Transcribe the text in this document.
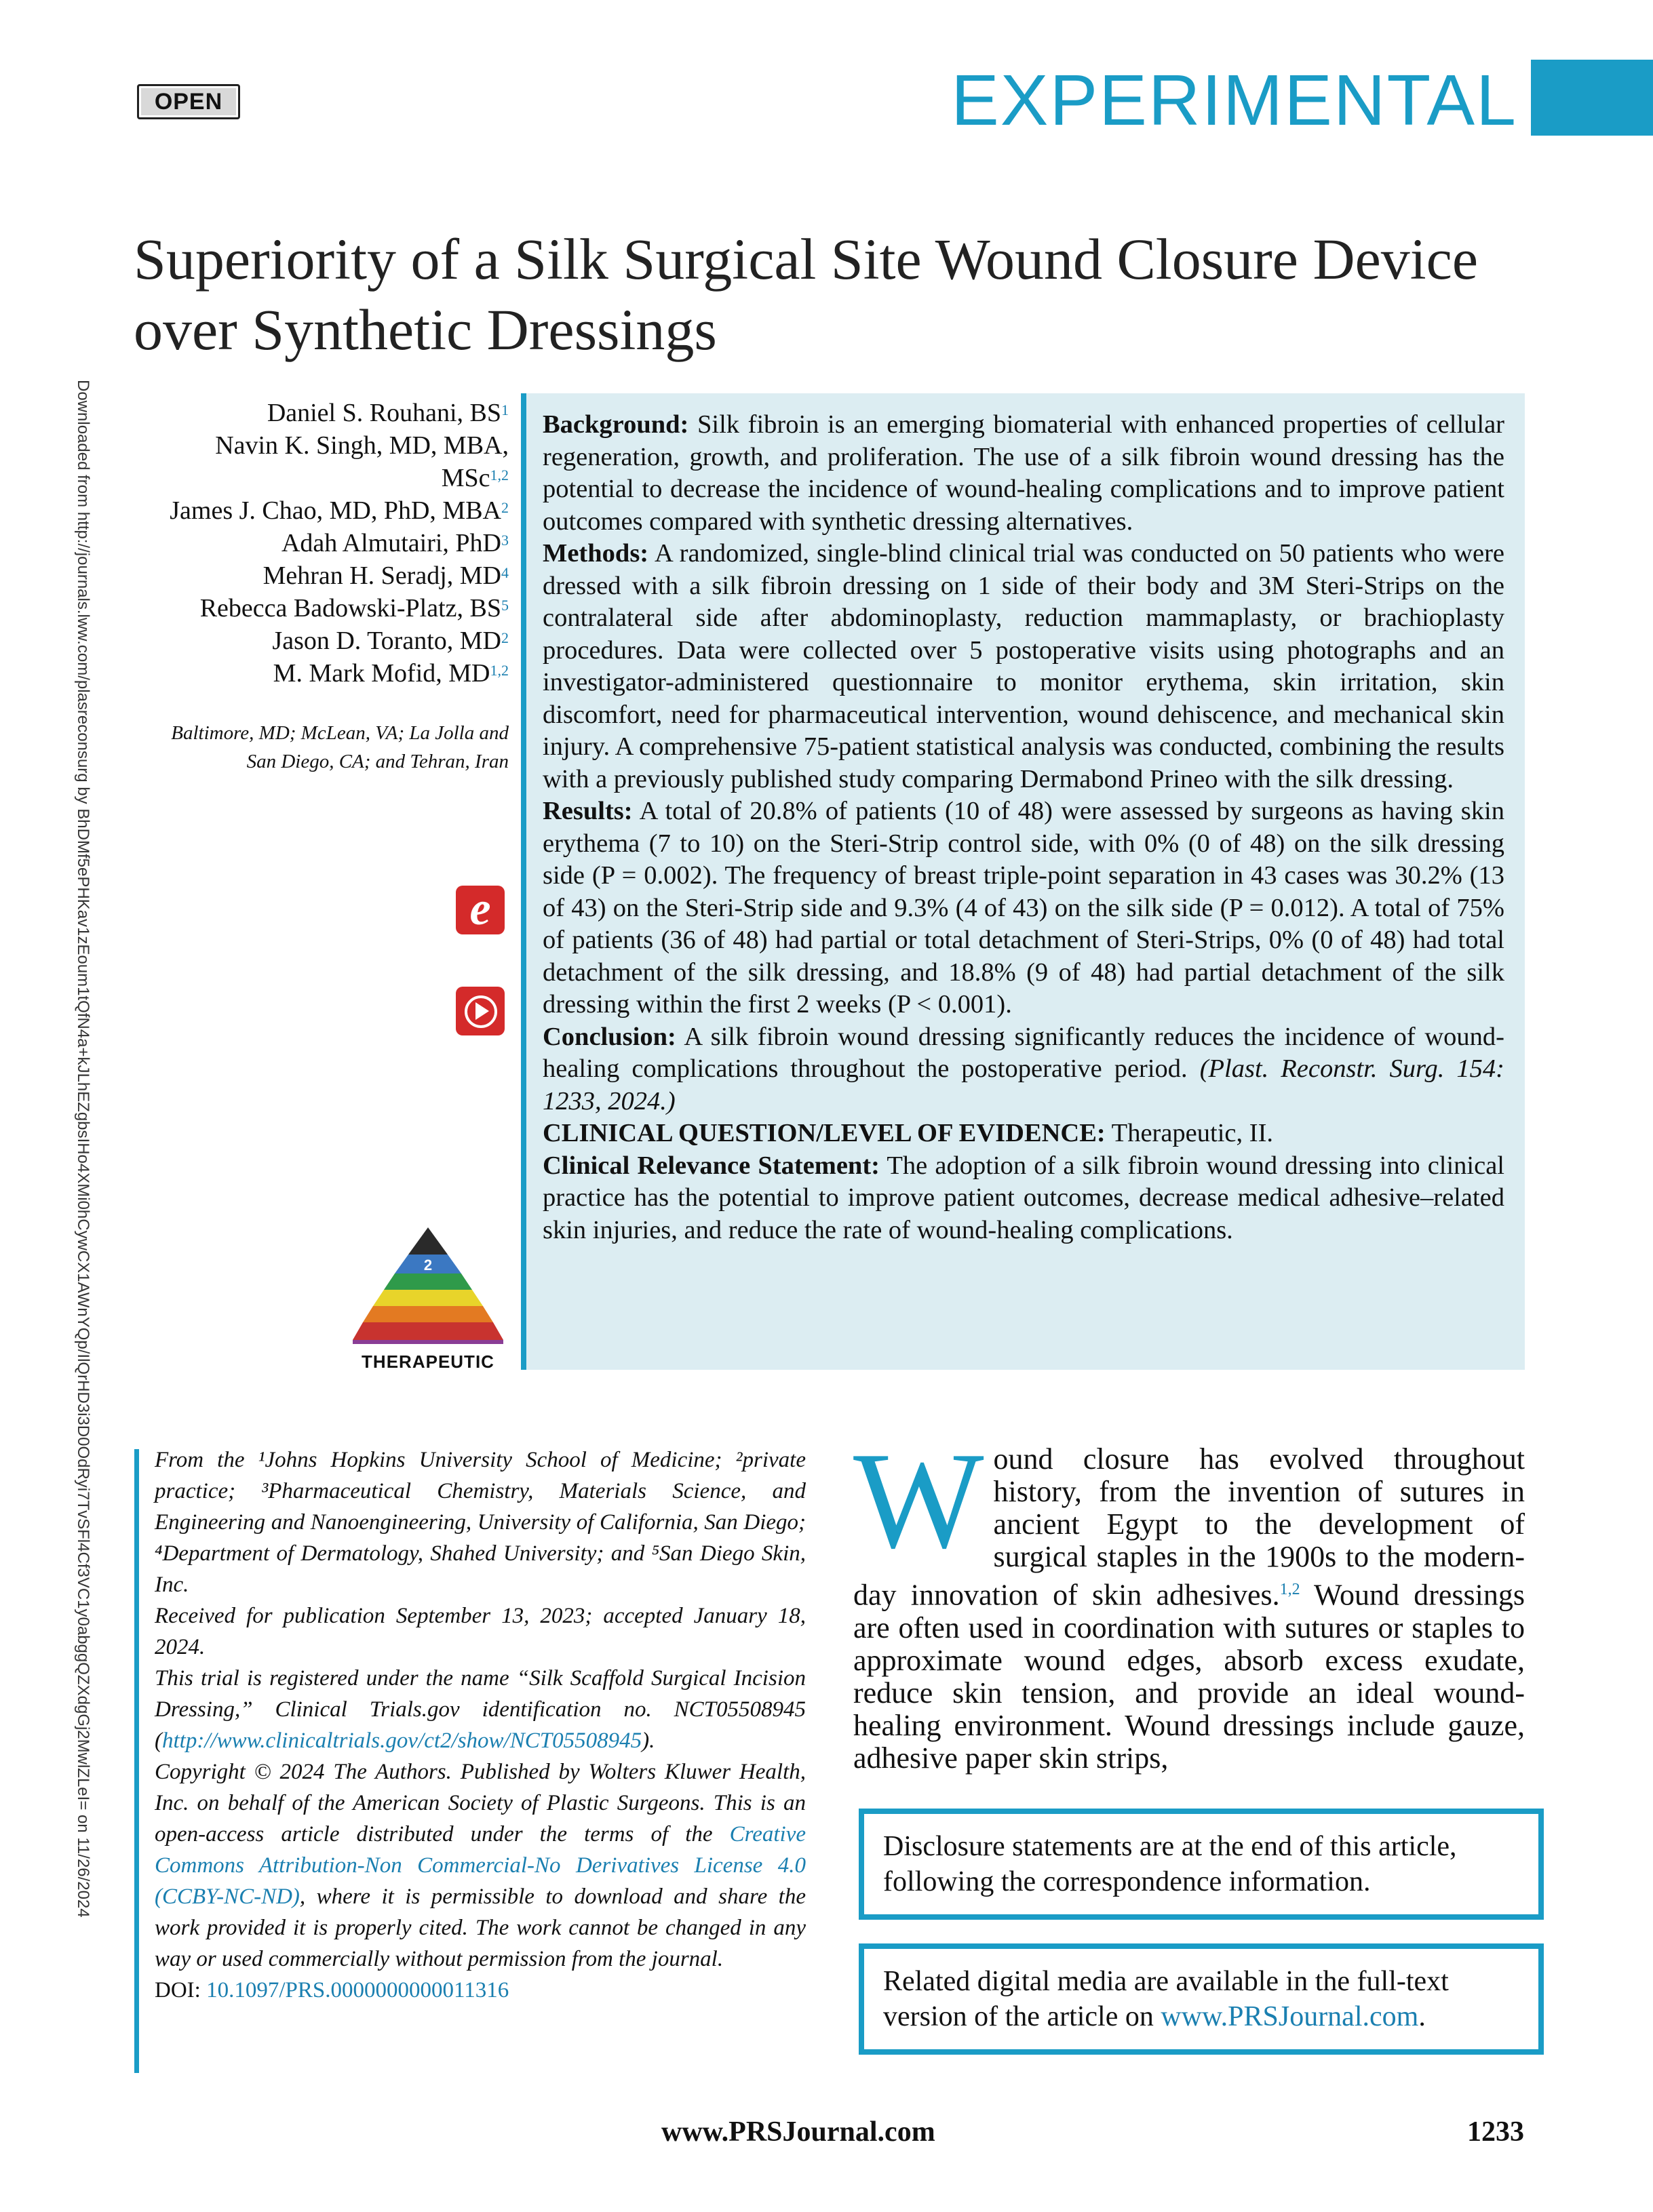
OPEN	EXPERIMENTAL
Superiority of a Silk Surgical Site Wound Closure Device over Synthetic Dressings
Downloaded from http://journals.lww.com/plasreconsurg by BhDMf5ePHKav1zEoum1tQfN4a+kJLhEZgbsIHo4XMi0hCywCX1AWnYQp/IlQrHD3i3D0OdRyi7TvSFl4Cf3VC1y0abggQZXdgGj2MwlZLeI= on 11/26/2024	Daniel S. Rouhani, $BS^1$
Navin K. Singh, MD, MBA,
MSc$^{1,2}$
James J. Chao, MD, PhD, MBA$^2$
Adah Almutairi, PhD$^3$
Mehran H. Seradj, $MD^4$
Rebecca Badowski-Platz, $BS^5$
Jason D. Toranto, $MD^2$
M. Mark Mofid, MD$^{1,2}$
Baltimore, MD; McLean, VA; La Jolla and San Diego, CA; and Tehran, Iran
e
2
THERAPEUTIC

Background: Silk fibroin is an emerging biomaterial with enhanced properties of cellular regeneration, growth, and proliferation. The use of a silk fibroin wound dressing has the potential to decrease the incidence of wound-healing complications and to improve patient outcomes compared with synthetic dressing alternatives.

Methods: A randomized, single-blind clinical trial was conducted on 50 patients who were dressed with a silk fibroin dressing on 1 side of their body and 3M Steri-Strips on the contralateral side after abdominoplasty, reduction mammaplasty, or brachioplasty procedures. Data were collected over 5 postoperative visits using photographs and an investigator-administered questionnaire to monitor erythema, skin irritation, skin discomfort, need for pharmaceutical intervention, wound dehiscence, and mechanical skin injury. A comprehensive 75-patient statistical analysis was conducted, combining the results with a previously published study comparing Dermabond Prineo with the silk dressing.

Results: A total of 20.8% of patients (10 of 48) were assessed by surgeons as having skin erythema (7 to 10) on the Steri-Strip control side, with 0% (0 of 48) on the silk dressing side (P = 0.002). The frequency of breast triple-point separation in 43 cases was 30.2% (13 of 43) on the Steri-Strip side and 9.3% (4 of 43) on the silk side (P = 0.012). A total of 75% of patients (36 of 48) had partial or total detachment of Steri-Strips, 0% (0 of 48) had total detachment of the silk dressing, and 18.8% (9 of 48) had partial detachment of the silk dressing within the first 2 weeks (P < 0.001).

Conclusion: A silk fibroin wound dressing significantly reduces the incidence of wound-healing complications throughout the postoperative period. (Plast. Reconstr. Surg. 154: 1233, 2024.)

CLINICAL QUESTION/LEVEL OF EVIDENCE: Therapeutic, II.

Clinical Relevance Statement: The adoption of a silk fibroin wound dressing into clinical practice has the potential to improve patient outcomes, decrease medical adhesive–related skin injuries, and reduce the rate of wound-healing complications.

From the ¹Johns Hopkins University School of Medicine; ²private practice; ³Pharmaceutical Chemistry, Materials Science, and Engineering and Nanoengineering, University of California, San Diego; ⁴Department of Dermatology, Shahed University; and ⁵San Diego Skin, Inc.

Received for publication September 13, 2023; accepted January 18, 2024.

This trial is registered under the name “Silk Scaffold Surgical Incision Dressing,” Clinical Trials.gov identification no. NCT05508945 (http://www.clinicaltrials.gov/ct2/show/NCT05508945).

Copyright © 2024 The Authors. Published by Wolters Kluwer Health, Inc. on behalf of the American Society of Plastic Surgeons. This is an open-access article distributed under the terms of the Creative Commons Attribution-Non Commercial-No Derivatives License 4.0 (CCBY-NC-ND), where it is permissible to download and share the work provided it is properly cited. The work cannot be changed in any way or used commercially without permission from the journal.

DOI: 10.1097/PRS.0000000000011316

W ound closure has evolved throughout history, from the invention of sutures in ancient Egypt to the development of surgical staples in the 1900s to the modern-day innovation of skin adhesives.$^{1,2}$ Wound dressings are often used in coordination with sutures or staples to approximate wound edges, absorb excess exudate, reduce skin tension, and provide an ideal wound-healing environment. Wound dressings include gauze, adhesive paper skin strips,
Disclosure statements are at the end of this article, following the correspondence information.
Related digital media are available in the full-text version of the article on www.PRSJournal.com.
www.PRSJournal.com	1233
